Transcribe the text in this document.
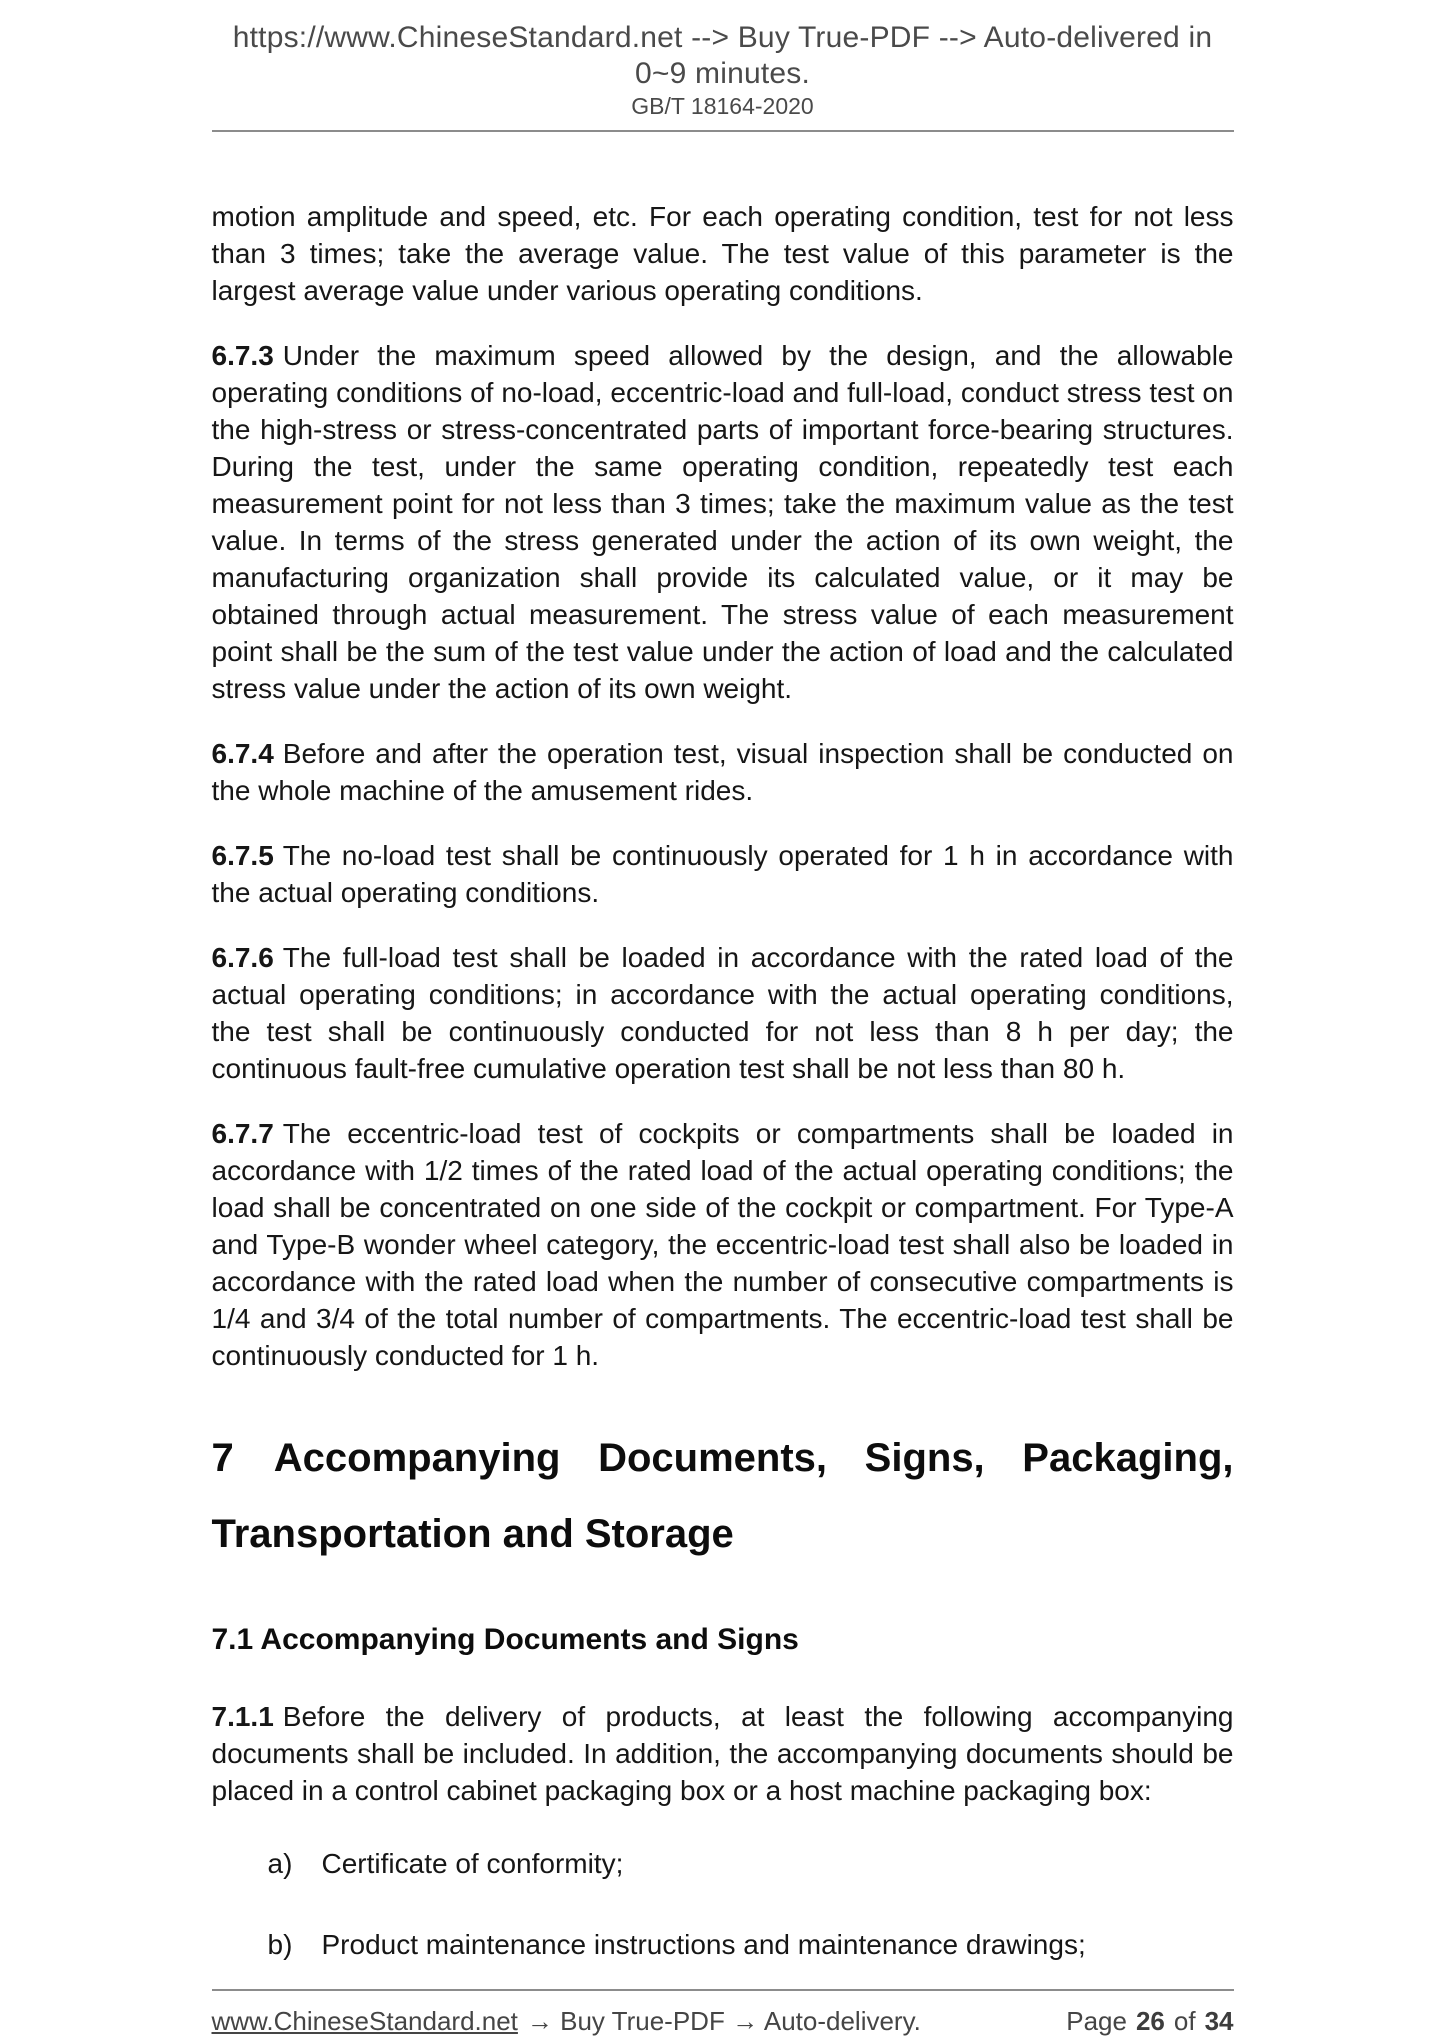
https://www.ChineseStandard.net --> Buy True-PDF --> Auto-delivered in 0~9 minutes.
GB/T 18164-2020

motion amplitude and speed, etc. For each operating condition, test for not less than 3 times; take the average value. The test value of this parameter is the largest average value under various operating conditions.

6.7.3 Under the maximum speed allowed by the design, and the allowable operating conditions of no-load, eccentric-load and full-load, conduct stress test on the high-stress or stress-concentrated parts of important force-bearing structures. During the test, under the same operating condition, repeatedly test each measurement point for not less than 3 times; take the maximum value as the test value. In terms of the stress generated under the action of its own weight, the manufacturing organization shall provide its calculated value, or it may be obtained through actual measurement. The stress value of each measurement point shall be the sum of the test value under the action of load and the calculated stress value under the action of its own weight.

6.7.4 Before and after the operation test, visual inspection shall be conducted on the whole machine of the amusement rides.

6.7.5 The no-load test shall be continuously operated for 1 h in accordance with the actual operating conditions.

6.7.6 The full-load test shall be loaded in accordance with the rated load of the actual operating conditions; in accordance with the actual operating conditions, the test shall be continuously conducted for not less than 8 h per day; the continuous fault-free cumulative operation test shall be not less than 80 h.

6.7.7 The eccentric-load test of cockpits or compartments shall be loaded in accordance with 1/2 times of the rated load of the actual operating conditions; the load shall be concentrated on one side of the cockpit or compartment. For Type-A and Type-B wonder wheel category, the eccentric-load test shall also be loaded in accordance with the rated load when the number of consecutive compartments is 1/4 and 3/4 of the total number of compartments. The eccentric-load test shall be continuously conducted for 1 h.

7 Accompanying Documents, Signs, Packaging, Transportation and Storage
7.1 Accompanying Documents and Signs

7.1.1 Before the delivery of products, at least the following accompanying documents shall be included. In addition, the accompanying documents should be placed in a control cabinet packaging box or a host machine packaging box:

a)	Certificate of conformity;
b)	Product maintenance instructions and maintenance drawings;
www.ChineseStandard.net → Buy True-PDF → Auto-delivery.	Page 26 of 34
